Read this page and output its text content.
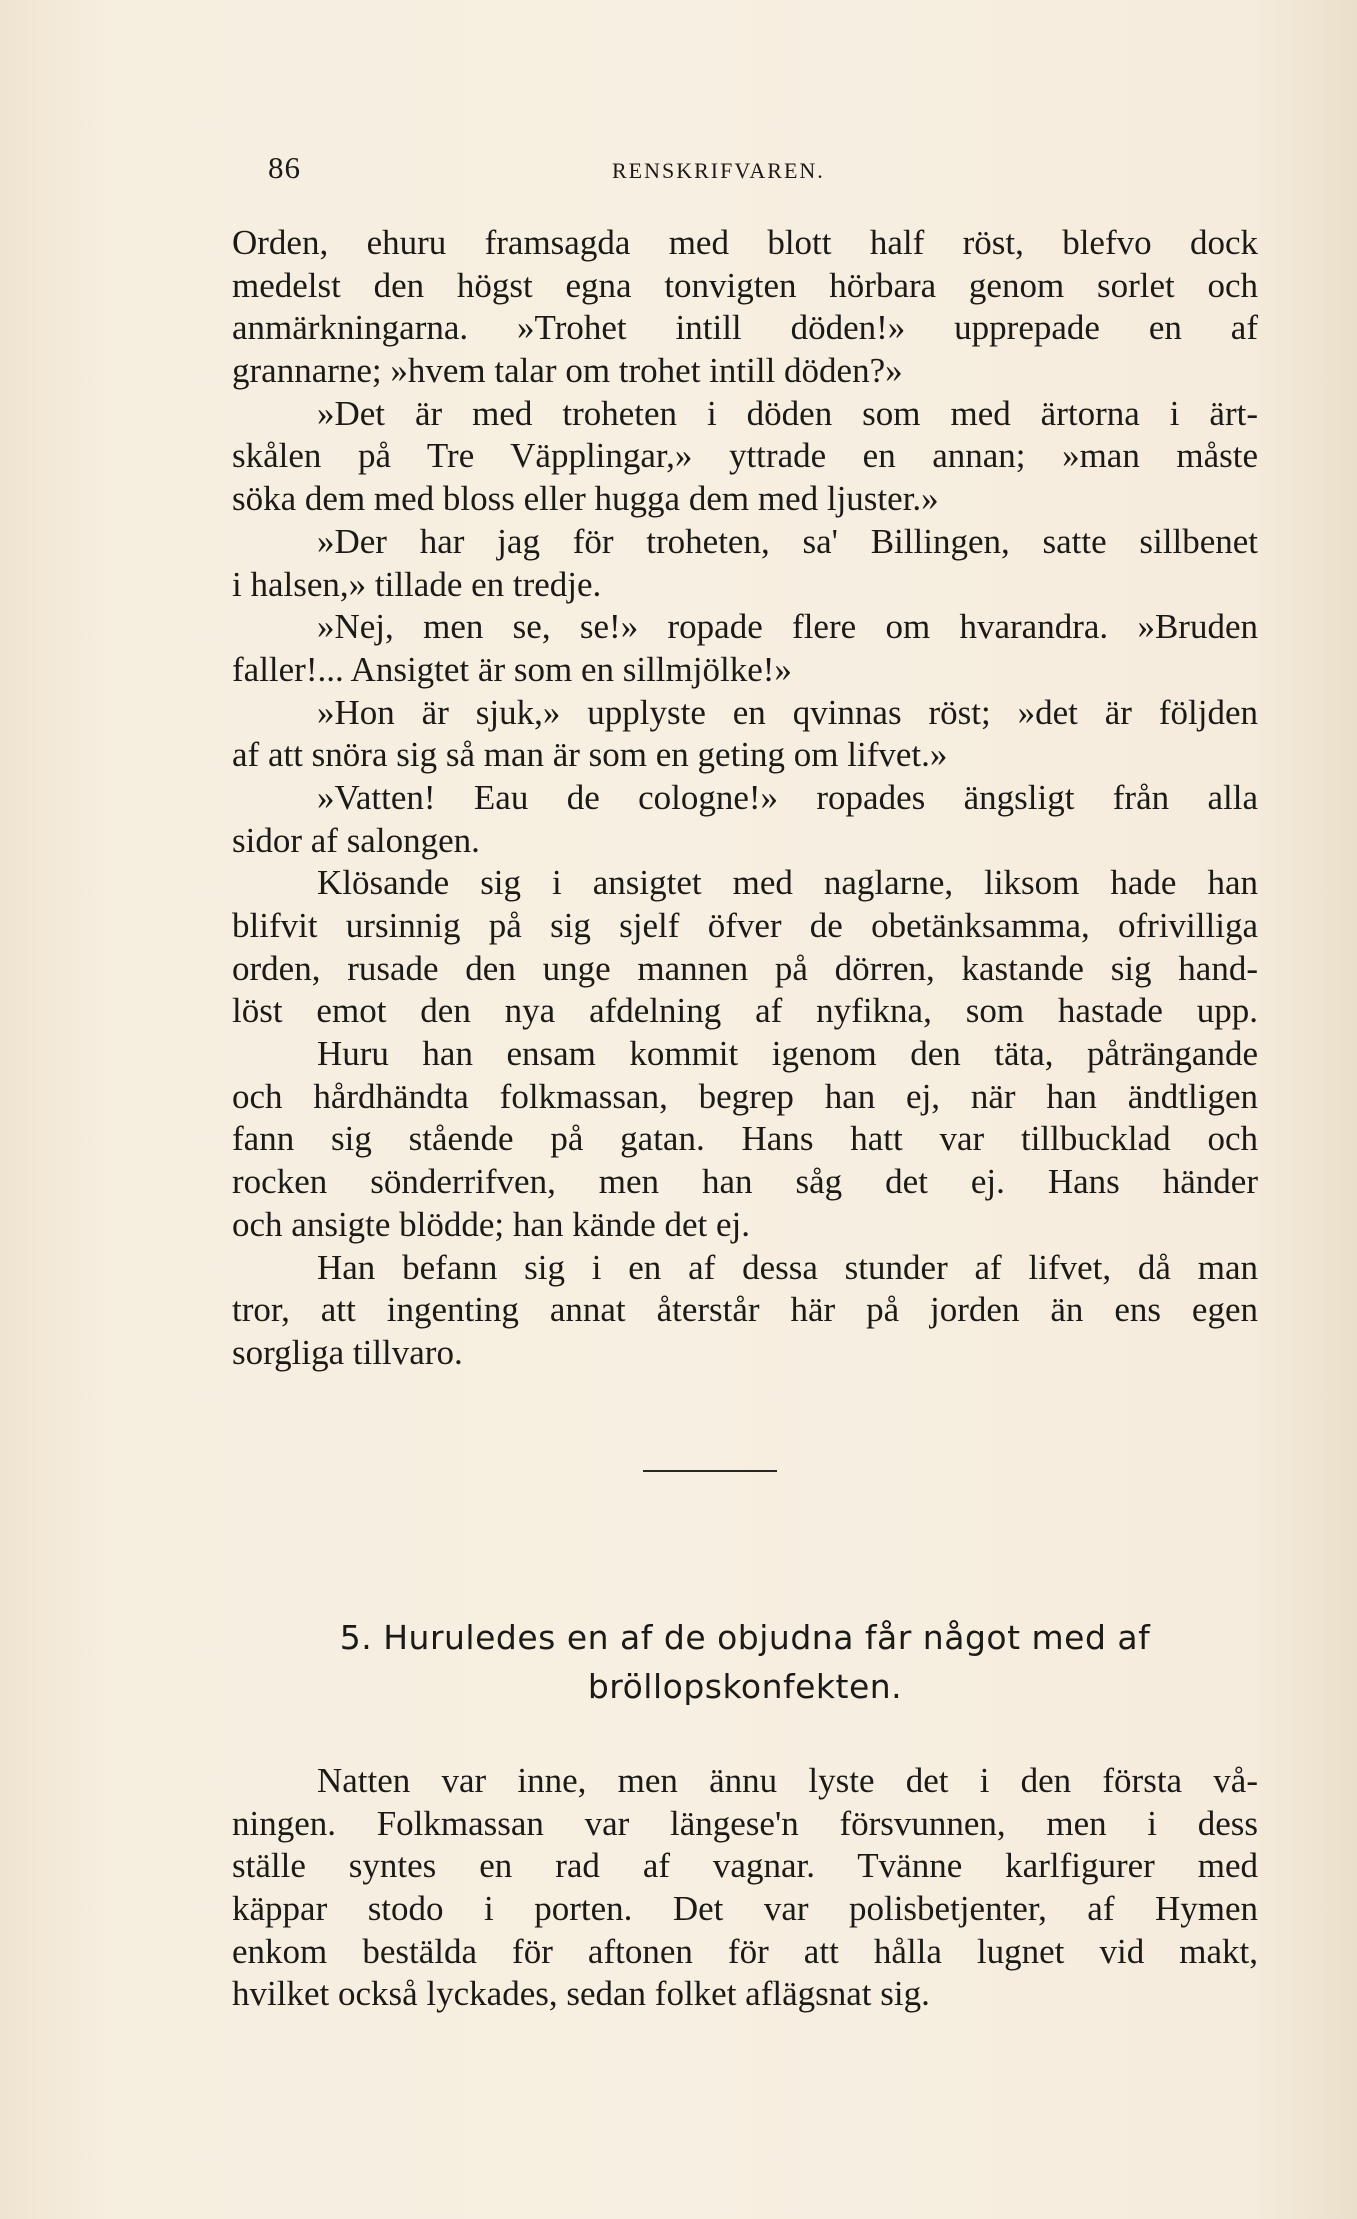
86	RENSKRIFVAREN.
Orden, ehuru framsagda med blott half röst, blefvo dock
medelst den högst egna tonvigten hörbara genom sorlet och
anmärkningarna. »Trohet intill döden!» upprepade en af
grannarne; »hvem talar om trohet intill döden?»
»Det är med troheten i döden som med ärtorna i ärt-
skålen på Tre Väpplingar,» yttrade en annan; »man måste
söka dem med bloss eller hugga dem med ljuster.»
»Der har jag för troheten, sa' Billingen, satte sillbenet
i halsen,» tillade en tredje.
»Nej, men se, se!» ropade flere om hvarandra. »Bruden
faller!... Ansigtet är som en sillmjölke!»
»Hon är sjuk,» upplyste en qvinnas röst; »det är följden
af att snöra sig så man är som en geting om lifvet.»
»Vatten! Eau de cologne!» ropades ängsligt från alla
sidor af salongen.
Klösande sig i ansigtet med naglarne, liksom hade han
blifvit ursinnig på sig sjelf öfver de obetänksamma, ofrivilliga
orden, rusade den unge mannen på dörren, kastande sig hand-
löst emot den nya afdelning af nyfikna, som hastade upp.
Huru han ensam kommit igenom den täta, påträngande
och hårdhändta folkmassan, begrep han ej, när han ändtligen
fann sig stående på gatan. Hans hatt var tillbucklad och
rocken sönderrifven, men han såg det ej. Hans händer
och ansigte blödde; han kände det ej.
Han befann sig i en af dessa stunder af lifvet, då man
tror, att ingenting annat återstår här på jorden än ens egen
sorgliga tillvaro.
5. Huruledes en af de objudna får något med af
bröllopskonfekten.
Natten var inne, men ännu lyste det i den första vå-
ningen. Folkmassan var längese'n försvunnen, men i dess
ställe syntes en rad af vagnar. Tvänne karlfigurer med
käppar stodo i porten. Det var polisbetjenter, af Hymen
enkom bestälda för aftonen för att hålla lugnet vid makt,
hvilket också lyckades, sedan folket aflägsnat sig.
